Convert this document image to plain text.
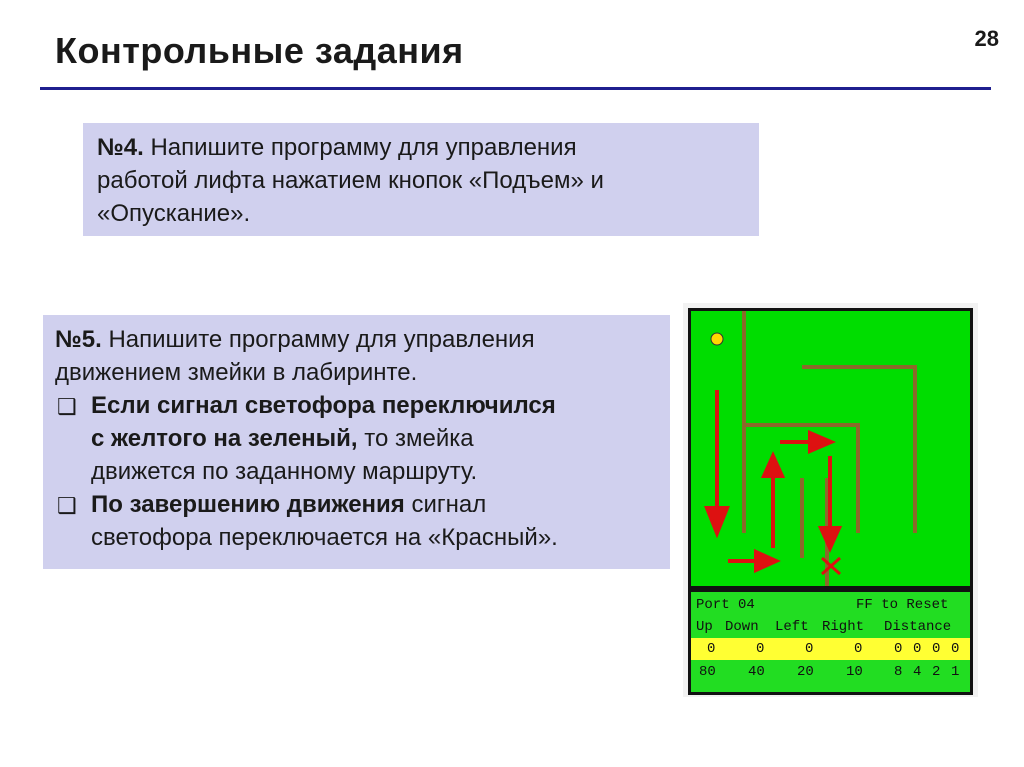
Контрольные задания	28
№4. Напишите программу для управления
работой лифта нажатием кнопок «Подъем» и
«Опускание».
№5. Напишите программу для управления
движением змейки в лабиринте.
❑ Если сигнал светофора переключился
с желтого на зеленый, то змейка
движется по заданному маршруту.
❑ По завершению движения сигнал
светофора переключается на «Красный».
Port 04	FF to Reset
Up Down Left Right Distance
0	0	0	0 0 0 0 0
80 40 20 10 8 4 2 1
